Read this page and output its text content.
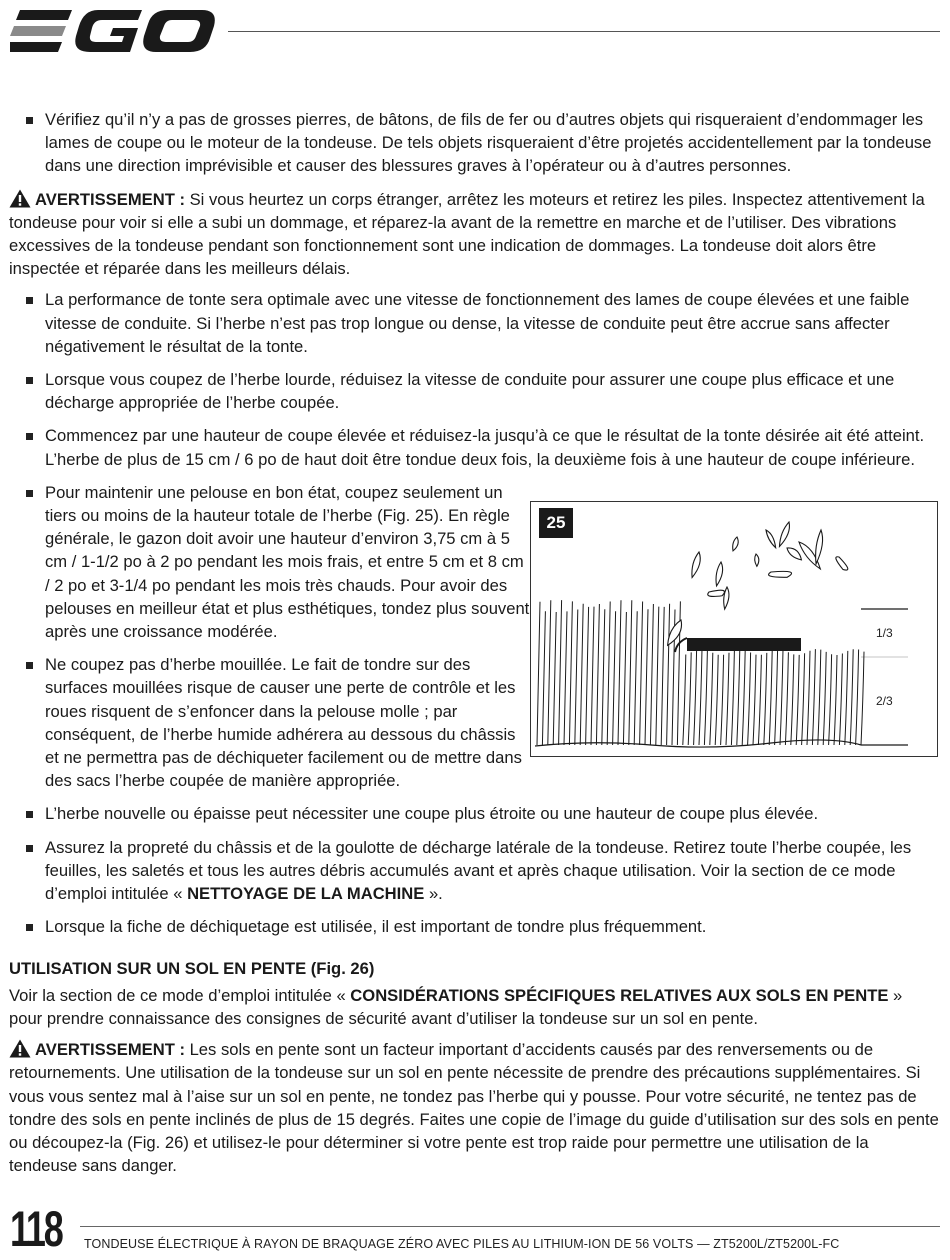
Vérifiez qu’il n’y a pas de grosses pierres, de bâtons, de fils de fer ou d’autres objets qui risqueraient d’endommager les lames de coupe ou le moteur de la tondeuse. De tels objets risqueraient d’être projetés accidentellement par la tondeuse dans une direction imprévisible et causer des blessures graves à l’opérateur ou à d’autres personnes.

AVERTISSEMENT : Si vous heurtez un corps étranger, arrêtez les moteurs et retirez les piles. Inspectez attentivement la tondeuse pour voir si elle a subi un dommage, et réparez-la avant de la remettre en marche et de l’utiliser. Des vibrations excessives de la tondeuse pendant son fonctionnement sont une indication de dommages. La tondeuse doit alors être inspectée et réparée dans les meilleurs délais.

La performance de tonte sera optimale avec une vitesse de fonctionnement des lames de coupe élevées et une faible vitesse de conduite. Si l’herbe n’est pas trop longue ou dense, la vitesse de conduite peut être accrue sans affecter négativement le résultat de la tonte.

Lorsque vous coupez de l’herbe lourde, réduisez la vitesse de conduite pour assurer une coupe plus efficace et une décharge appropriée de l’herbe coupée.

Commencez par une hauteur de coupe élevée et réduisez-la jusqu’à ce que le résultat de la tonte désirée ait été atteint. L’herbe de plus de 15 cm / 6 po de haut doit être tondue deux fois, la deuxième fois à une hauteur de coupe inférieure.

Pour maintenir une pelouse en bon état, coupez seulement un tiers ou moins de la hauteur totale de l’herbe (Fig. 25). En règle générale, le gazon doit avoir une hauteur d’environ 3,75 cm à 5 cm / 1-1/2 po à 2 po pendant les mois frais, et entre 5 cm et 8 cm / 2 po et 3-1/4 po pendant les mois très chauds. Pour avoir des pelouses en meilleur état et plus esthétiques, tondez plus souvent après une croissance modérée.

Ne coupez pas d’herbe mouillée. Le fait de tondre sur des surfaces mouillées risque de causer une perte de contrôle et les roues risquent de s’enfoncer dans la pelouse molle ; par conséquent, de l’herbe humide adhérera au dessous du châssis et ne permettra pas de déchiqueter facilement ou de mettre dans des sacs l’herbe coupée de manière appropriée.

L’herbe nouvelle ou épaisse peut nécessiter une coupe plus étroite ou une hauteur de coupe plus élevée.

Assurez la propreté du châssis et de la goulotte de décharge latérale de la tondeuse. Retirez toute l’herbe coupée, les feuilles, les saletés et tous les autres débris accumulés avant et après chaque utilisation. Voir la section de ce mode d’emploi intitulée « NETTOYAGE DE LA MACHINE ».

Lorsque la fiche de déchiquetage est utilisée, il est important de tondre plus fréquemment.

UTILISATION SUR UN SOL EN PENTE (Fig. 26)

Voir la section de ce mode d’emploi intitulée « CONSIDÉRATIONS SPÉCIFIQUES RELATIVES AUX SOLS EN PENTE » pour prendre connaissance des consignes de sécurité avant d’utiliser la tondeuse sur un sol en pente.

AVERTISSEMENT : Les sols en pente sont un facteur important d’accidents causés par des renversements ou de retournements. Une utilisation de la tondeuse sur un sol en pente nécessite de prendre des précautions supplémentaires. Si vous vous sentez mal à l’aise sur un sol en pente, ne tondez pas l’herbe qui y pousse. Pour votre sécurité, ne tentez pas de tondre des sols en pente inclinés de plus de 15 degrés. Faites une copie de l’image du guide d’utilisation sur des sols en pente ou découpez-la (Fig. 26) et utilisez-le pour déterminer si votre pente est trop raide pour permettre une utilisation de la tendeuse sans danger.

25
1/3
2/3
118 TONDEUSE ÉLECTRIQUE À RAYON DE BRAQUAGE ZÉRO AVEC PILES AU LITHIUM-ION DE 56 VOLTS — ZT5200L/ZT5200L-FC
